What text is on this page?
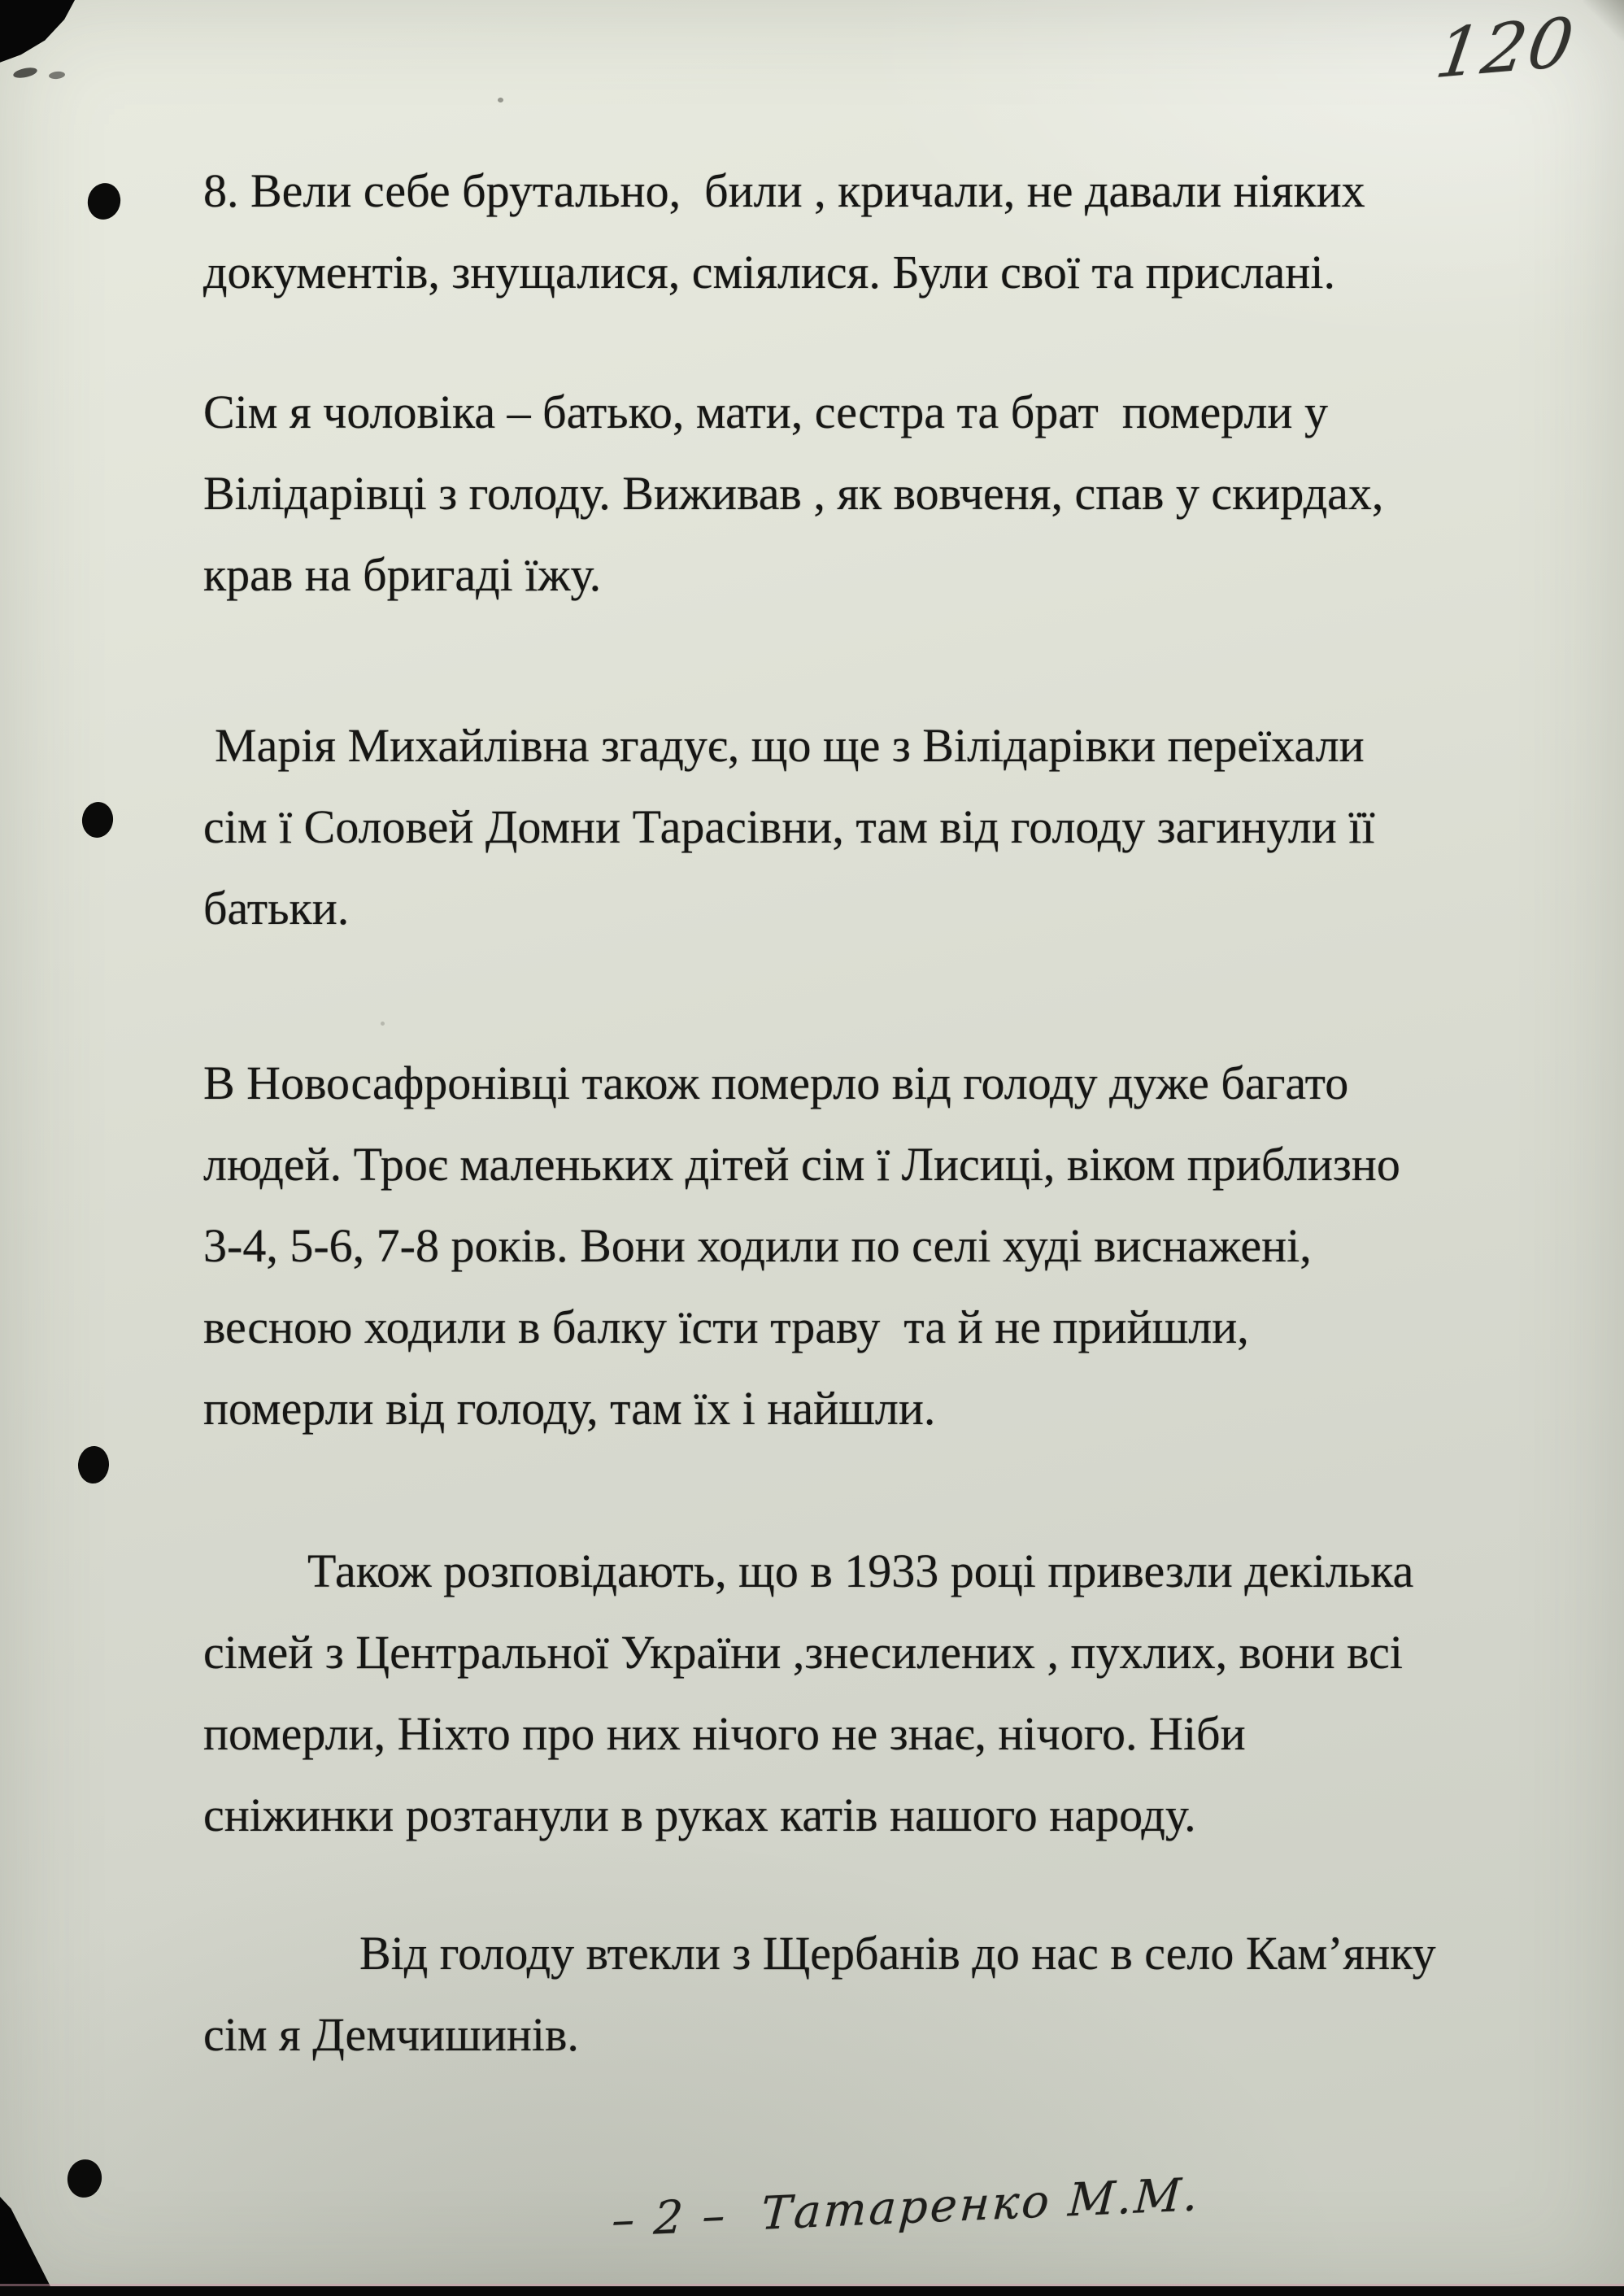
120
8. Вели себе брутально,  били , кричали, не давали ніяких
документів, знущалися, сміялися. Були свої та прислані.
Сім я чоловіка – батько, мати, сестра та брат  померли у
Вілідарівці з голоду. Виживав , як вовченя, спав у скирдах,
крав на бригаді їжу.
Марія Михайлівна згадує, що ще з Вілідарівки переїхали
сім ї Соловей Домни Тарасівни, там від голоду загинули її
батьки.
В Новосафронівці також померло від голоду дуже багато
людей. Троє маленьких дітей сім ї Лисиці, віком приблизно
3-4, 5-6, 7-8 років. Вони ходили по селі худі виснажені,
весною ходили в балку їсти траву  та й не прийшли,
померли від голоду, там їх і найшли.
Також розповідають, що в 1933 році привезли декілька
сімей з Центральної України ,знесилених , пухлих, вони всі
померли, Ніхто про них нічого не знає, нічого. Ніби
сніжинки розтанули в руках катів нашого народу.
Від голоду втекли з Щербанів до нас в село Кам’янку
сім я Демчишинів.
– 2 –  Татаренко М.М.
